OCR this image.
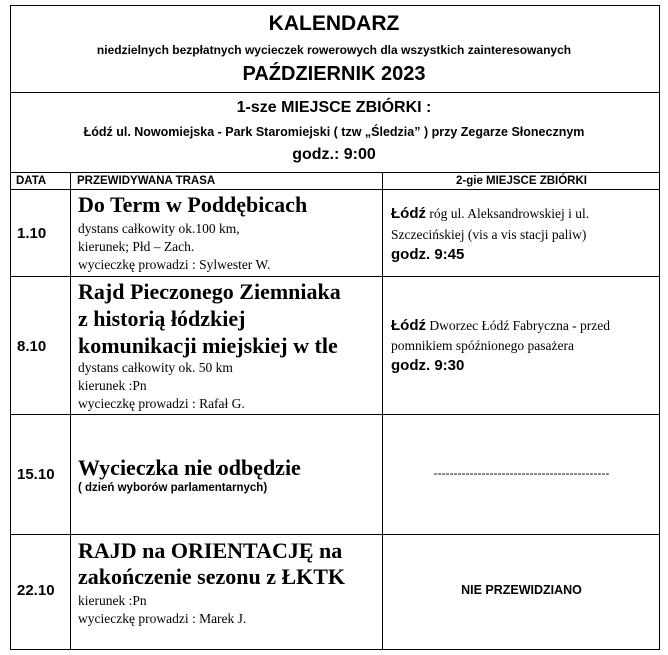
KALENDARZ
niedzielnych bezpłatnych wycieczek rowerowych dla wszystkich zainteresowanych
PAŹDZIERNIK 2023
1-sze MIEJSCE ZBIÓRKI :
Łódź ul. Nowomiejska - Park Staromiejski ( tzw „Śledzia” ) przy Zegarze Słonecznym
godz.: 9:00
DATA	PRZEWIDYWANA TRASA	2-gie MIEJSCE ZBIÓRKI
1.10
Do Term w Poddębicach
dystans całkowity ok.100 km,
kierunek; Płd – Zach.
wycieczkę prowadzi : Sylwester W.
Łódź róg ul. Aleksandrowskiej i ul.
Szczecińskiej (vis a vis stacji paliw)
godz. 9:45
8.10
Rajd Pieczonego Ziemniaka
z historią łódzkiej
komunikacji miejskiej w tle
dystans całkowity ok. 50 km
kierunek :Pn
wycieczkę prowadzi : Rafał G.
Łódź Dworzec Łódź Fabryczna - przed
pomnikiem spóźnionego pasażera
godz. 9:30
15.10 Wycieczka nie odbędzie
( dzień wyborów parlamentarnych)
--------------------------------------------
22.10
RAJD na ORIENTACJĘ na
zakończenie sezonu z ŁKTK
kierunek :Pn
wycieczkę prowadzi : Marek J.
NIE PRZEWIDZIANO
